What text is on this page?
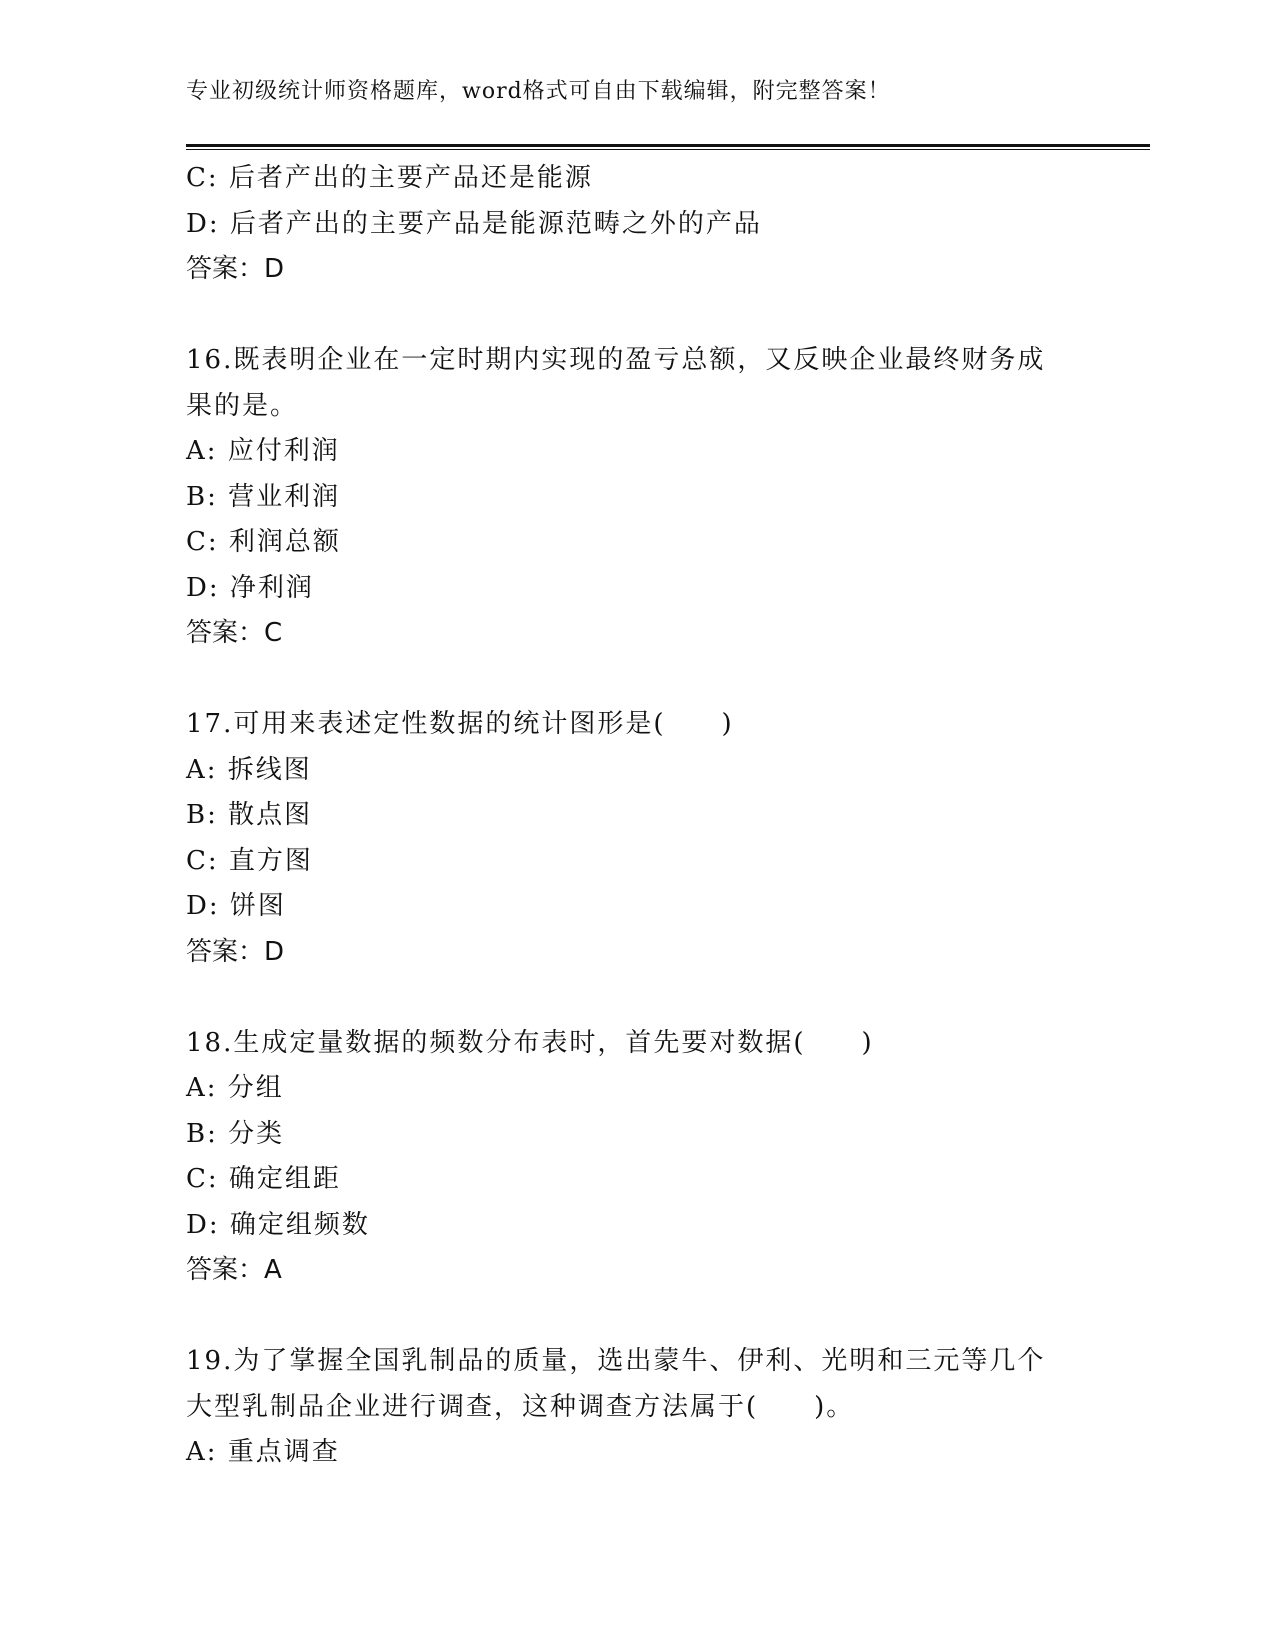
专业初级统计师资格题库，word格式可自由下载编辑，附完整答案！
C: 后者产出的主要产品还是能源
D: 后者产出的主要产品是能源范畴之外的产品
答案：D
16.既表明企业在一定时期内实现的盈亏总额，又反映企业最终财务成
果的是。
A: 应付利润
B: 营业利润
C: 利润总额
D: 净利润
答案：C
17.可用来表述定性数据的统计图形是(　　)
A: 拆线图
B: 散点图
C: 直方图
D: 饼图
答案：D
18.生成定量数据的频数分布表时，首先要对数据(　　)
A: 分组
B: 分类
C: 确定组距
D: 确定组频数
答案：A
19.为了掌握全国乳制品的质量，选出蒙牛、伊利、光明和三元等几个
大型乳制品企业进行调查，这种调查方法属于(　　)。
A: 重点调查
